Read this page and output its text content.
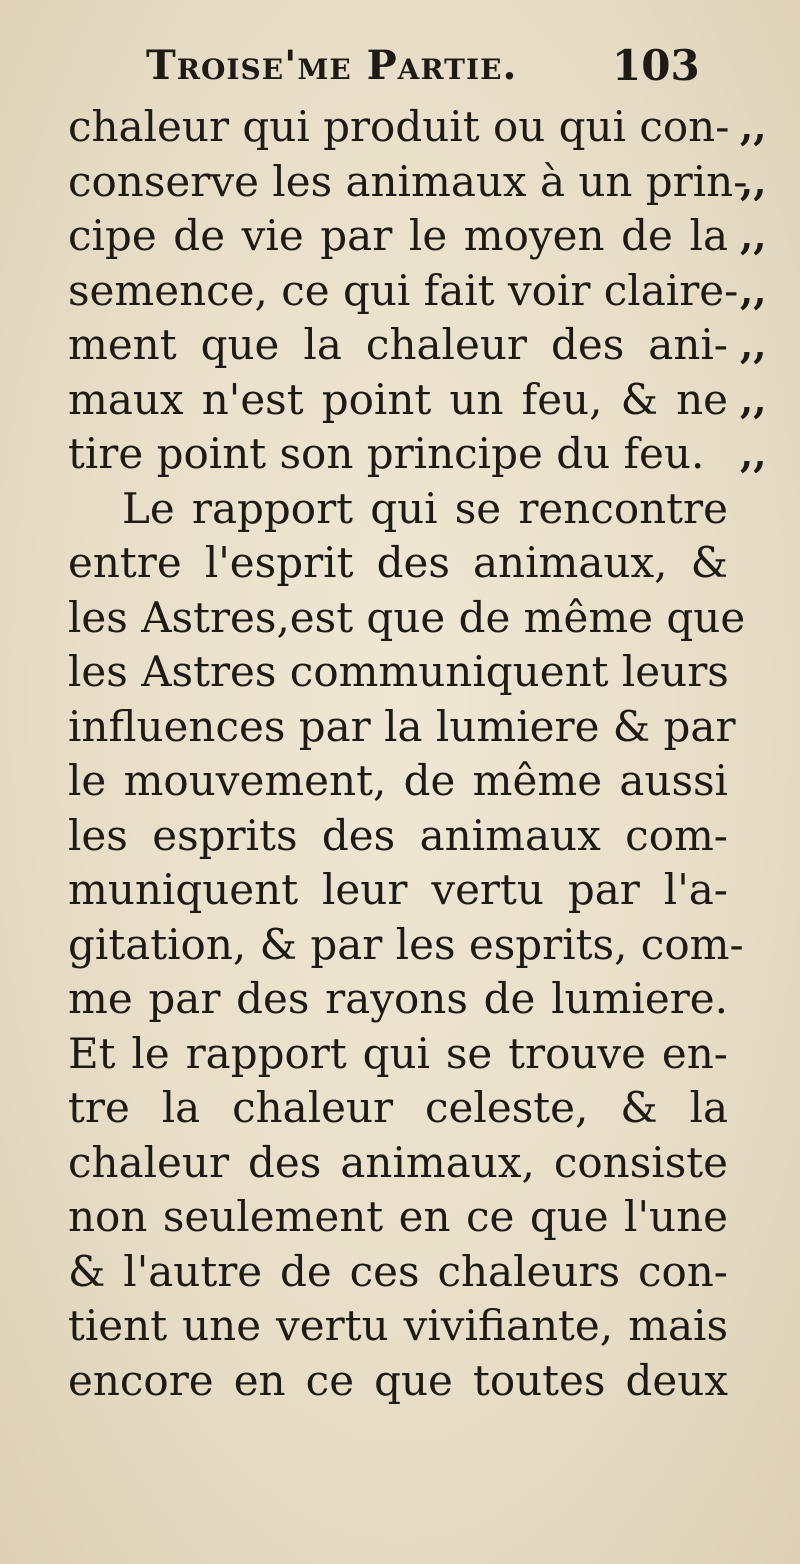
Troise'me Partie. 103
chaleur qui produit ou qui con-
conserve les animaux à un prin-
cipe de vie par le moyen de la
semence, ce qui fait voir claire-
ment que la chaleur des ani-
maux n'est point un feu, & ne
tire point son principe du feu.
Le rapport qui se rencontre
entre l'esprit des animaux, &
les Astres,est que de même que
les Astres communiquent leurs
influences par la lumiere & par
le mouvement, de même aussi
les esprits des animaux com-
muniquent leur vertu par l'a-
gitation, & par les esprits, com-
me par des rayons de lumiere.
Et le rapport qui se trouve en-
tre la chaleur celeste, & la
chaleur des animaux, consiste
non seulement en ce que l'une
& l'autre de ces chaleurs con-
tient une vertu vivifiante, mais
encore en ce que toutes deux
,,
,,
,,
,,
,,
,,
,,
